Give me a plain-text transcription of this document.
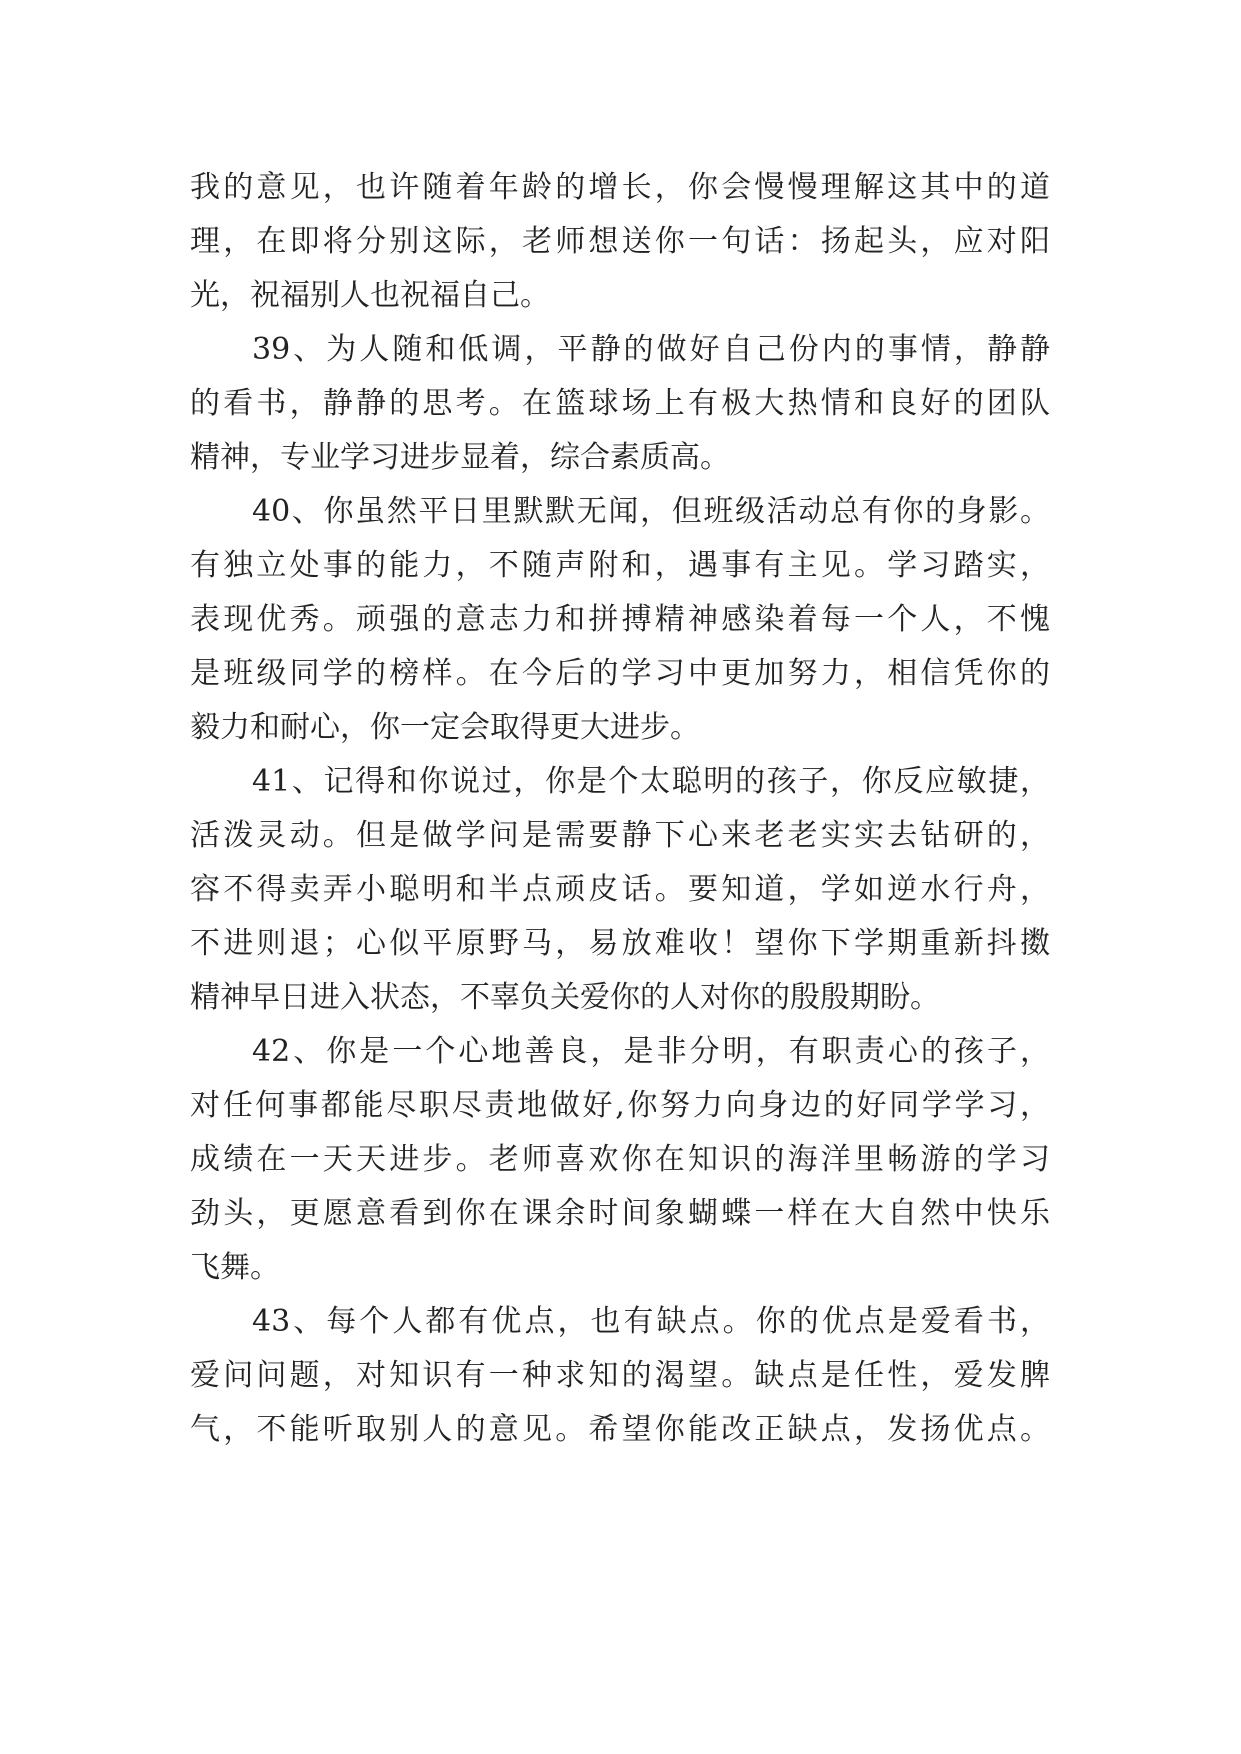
我的意见，也许随着年龄的增长，你会慢慢理解这其中的道
理，在即将分别这际，老师想送你一句话：扬起头，应对阳
光，祝福别人也祝福自己。
39、为人随和低调，平静的做好自己份内的事情，静静
的看书，静静的思考。在篮球场上有极大热情和良好的团队
精神，专业学习进步显着，综合素质高。
40、你虽然平日里默默无闻，但班级活动总有你的身影。
有独立处事的能力，不随声附和，遇事有主见。学习踏实，
表现优秀。顽强的意志力和拼搏精神感染着每一个人，不愧
是班级同学的榜样。在今后的学习中更加努力，相信凭你的
毅力和耐心，你一定会取得更大进步。
41、记得和你说过，你是个太聪明的孩子，你反应敏捷，
活泼灵动。但是做学问是需要静下心来老老实实去钻研的，
容不得卖弄小聪明和半点顽皮话。要知道，学如逆水行舟，
不进则退；心似平原野马，易放难收！望你下学期重新抖擞
精神早日进入状态，不辜负关爱你的人对你的殷殷期盼。
42、你是一个心地善良，是非分明，有职责心的孩子，
对任何事都能尽职尽责地做好,你努力向身边的好同学学习，
成绩在一天天进步。老师喜欢你在知识的海洋里畅游的学习
劲头，更愿意看到你在课余时间象蝴蝶一样在大自然中快乐
飞舞。
43、每个人都有优点，也有缺点。你的优点是爱看书，
爱问问题，对知识有一种求知的渴望。缺点是任性，爱发脾
气，不能听取别人的意见。希望你能改正缺点，发扬优点。
